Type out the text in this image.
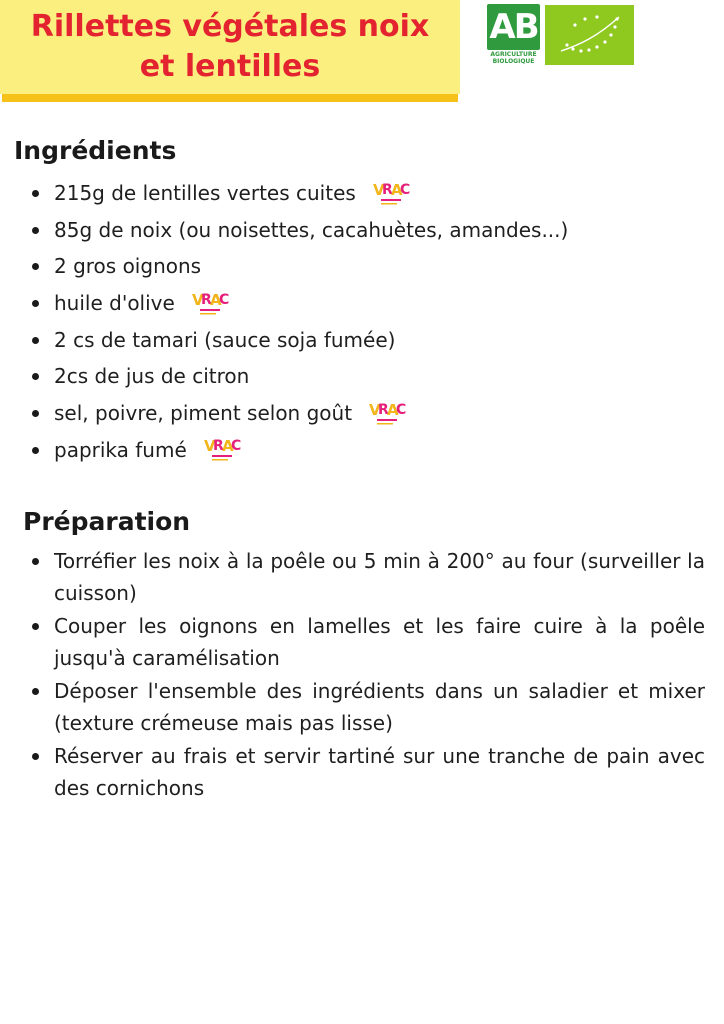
Rillettes végétales noix et lentilles
AB
AGRICULTURE
BIOLOGIQUE
Ingrédients
215g de lentilles vertes cuites V
R
A
C
85g de noix (ou noisettes, cacahuètes, amandes...)
2 gros oignons
huile d'olive V
R
A
C
2 cs de tamari (sauce soja fumée)
2cs de jus de citron
sel, poivre, piment selon goût V
R
A
C
paprika fumé V
R
A
C
Préparation
Torréfier les noix à la poêle ou 5 min à 200° au four (surveiller la cuisson)
Couper les oignons en lamelles et les faire cuire à la poêle jusqu'à caramélisation
Déposer l'ensemble des ingrédients dans un saladier et mixer (texture crémeuse mais pas lisse)
Réserver au frais et servir tartiné sur une tranche de pain avec des cornichons
